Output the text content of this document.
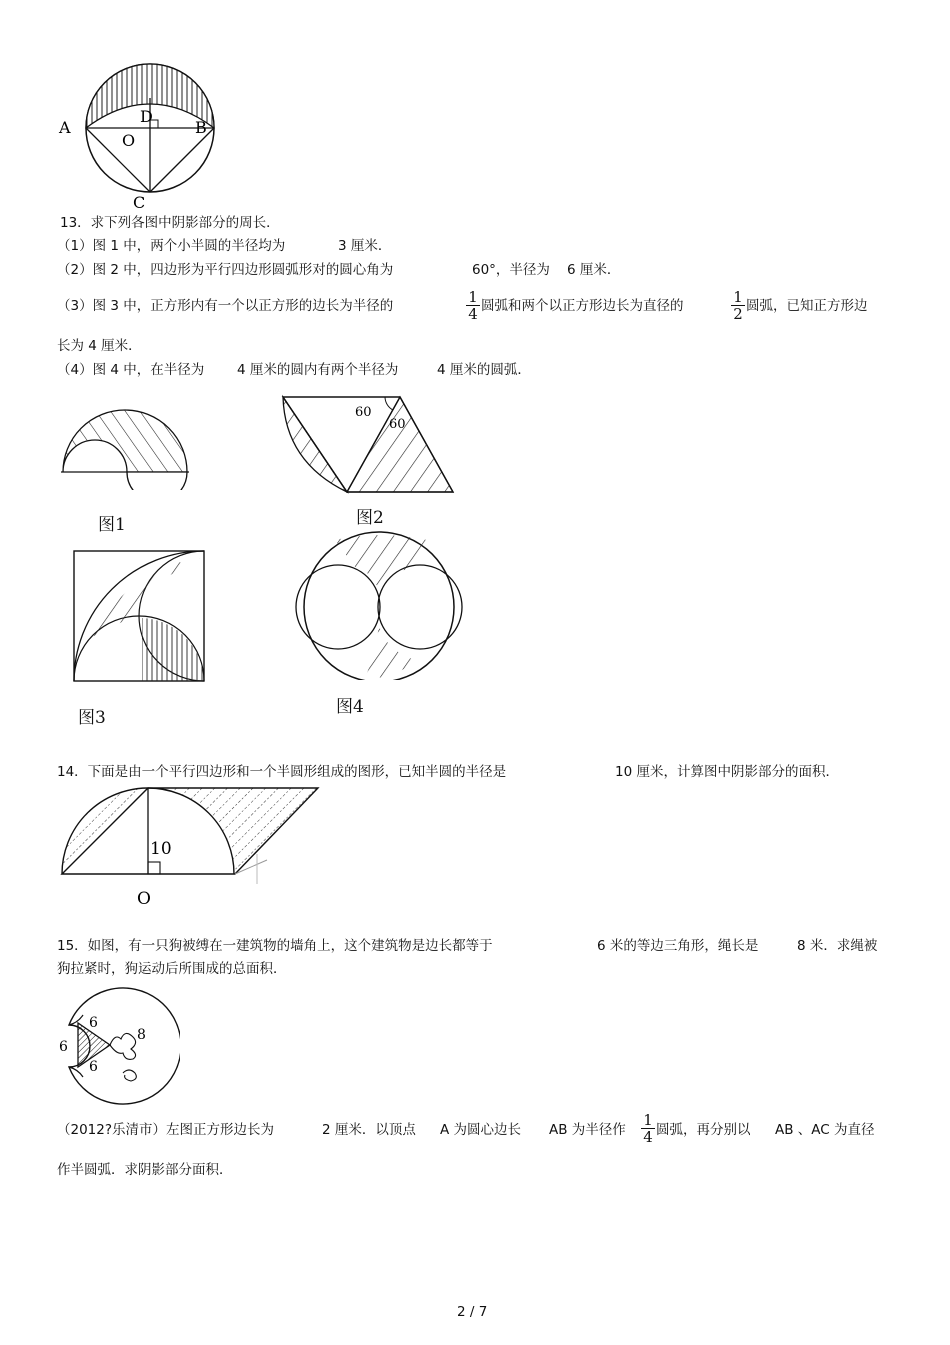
A	B
C
D
O
13．求下列各图中阴影部分的周长．
（1）图 1 中，两个小半圆的半径均为	3 厘米．
（2）图 2 中，四边形为平行四边形圆弧形对的圆心角为	60°，半径为 6 厘米．
（3）图 3 中，正方形内有一个以正方形的边长为半径的	1
4 圆弧和两个以正方形边长为直径的	1
2 圆弧，已知正方形边
长为 4 厘米．
（4）图 4 中，在半径为 4 厘米的圆内有两个半径为	4 厘米的圆弧．
图1
60
60
图2
图3
图4
14．下面是由一个平行四边形和一个半圆形组成的图形，已知半圆的半径是	10 厘米，计算图中阴影部分的面积．
10
O
15．如图，有一只狗被缚在一建筑物的墙角上，这个建筑物是边长都等于	6 米的等边三角形，绳长是	8 米．求绳被
狗拉紧时，狗运动后所围成的总面积．
6
6
6
8
（2012?乐清市）左图正方形边长为	2 厘米．以顶点 A 为圆心边长 AB 为半径作
1
4 圆弧，再分别以 AB 、AC 为直径
作半圆弧．求阴影部分面积．
2 / 7
